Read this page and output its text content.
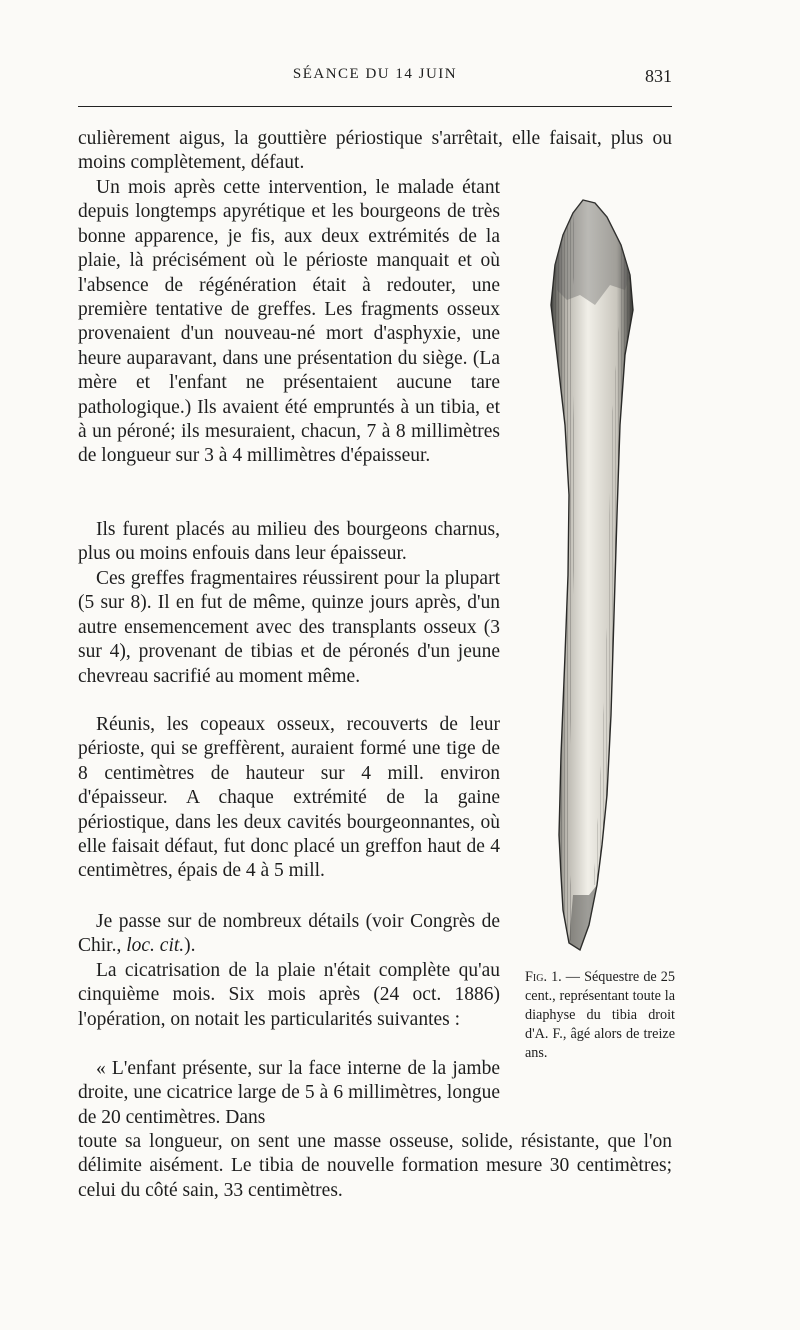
SÉANCE DU 14 JUIN	831

culièrement aigus, la gouttière périostique s'arrêtait, elle faisait, plus ou moins complètement, défaut.

Un mois après cette intervention, le malade étant depuis longtemps apyrétique et les bourgeons de très bonne apparence, je fis, aux deux extrémités de la plaie, là précisément où le périoste manquait et où l'absence de régénération était à redouter, une première tentative de greffes. Les fragments osseux provenaient d'un nouveau-né mort d'asphyxie, une heure auparavant, dans une présentation du siège. (La mère et l'enfant ne présentaient aucune tare pathologique.) Ils avaient été empruntés à un tibia, et à un péroné; ils mesuraient, chacun, 7 à 8 millimètres de longueur sur 3 à 4 millimètres d'épaisseur.

Ils furent placés au milieu des bourgeons charnus, plus ou moins enfouis dans leur épaisseur.

Ces greffes fragmentaires réussirent pour la plupart (5 sur 8). Il en fut de même, quinze jours après, d'un autre ensemencement avec des transplants osseux (3 sur 4), provenant de tibias et de péronés d'un jeune chevreau sacrifié au moment même.

Réunis, les copeaux osseux, recouverts de leur périoste, qui se greffèrent, auraient formé une tige de 8 centimètres de hauteur sur 4 mill. environ d'épaisseur. A chaque extrémité de la gaine périostique, dans les deux cavités bourgeonnantes, où elle faisait défaut, fut donc placé un greffon haut de 4 centimètres, épais de 4 à 5 mill.

Je passe sur de nombreux détails (voir Congrès de Chir., loc. cit.).

La cicatrisation de la plaie n'était complète qu'au cinquième mois. Six mois après (24 oct. 1886) l'opération, on notait les particularités suivantes :

« L'enfant présente, sur la face interne de la jambe droite, une cicatrice large de 5 à 6 millimètres, longue de 20 centimètres. Dans

toute sa longueur, on sent une masse osseuse, solide, résistante, que l'on délimite aisément. Le tibia de nouvelle formation mesure 30 centimètres; celui du côté sain, 33 centimètres.

Fig. 1. — Séquestre de 25 cent., représentant toute la diaphyse du tibia droit d'A. F., âgé alors de treize ans.
